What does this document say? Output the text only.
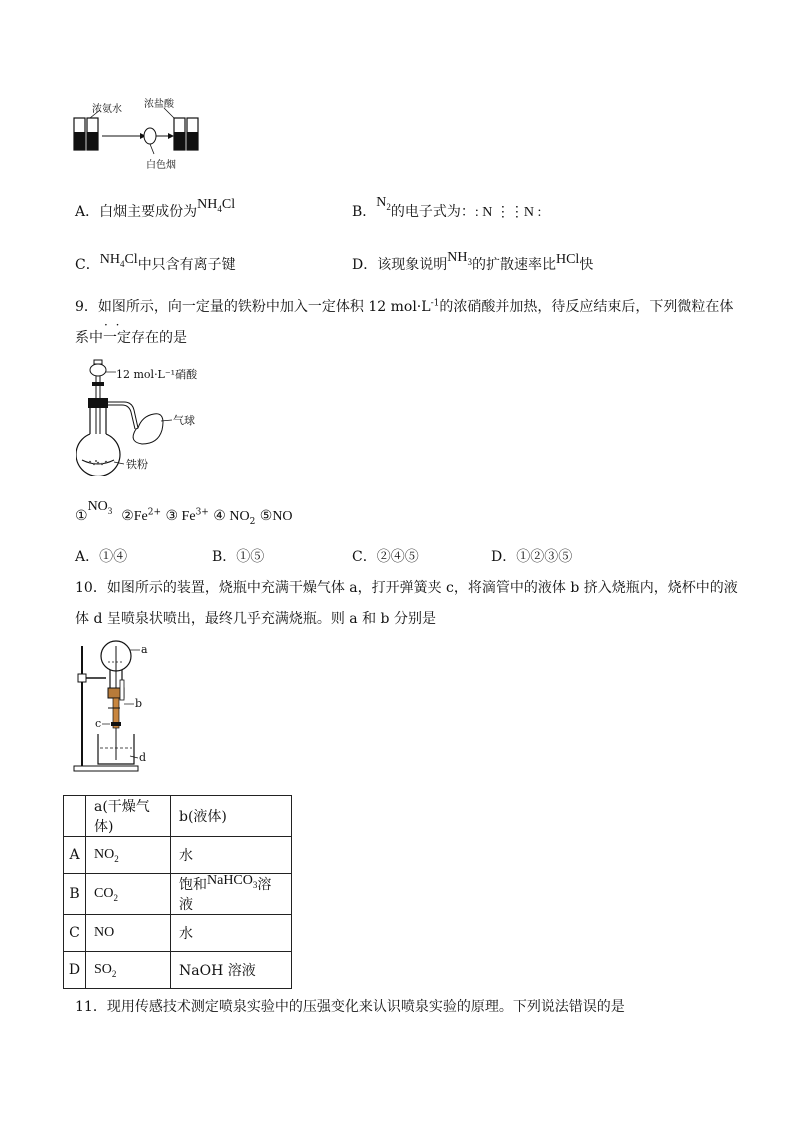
浓氨水 浓盐酸
白色烟
A．白烟主要成份为$NH_4Cl$	B．$N_2$的电子式为：: N ⋮⋮N :
C．$NH_4Cl$中只含有离子键	D．该现象说明$NH_3$的扩散速率比HCl快
9．如图所示，向一定量的铁粉中加入一定体积 12 $mol\cdot L^{-1}$的浓硝酸并加热，待反应结束后，下列微粒在体
· ·
系中一定存在的是
12 mol·L⁻¹硝酸
气球
铁粉
$①NO_3$ $②Fe^{2+}$ ③ $Fe^{3+}$ ④ $NO_2$ ⑤NO
A．①④	B．①⑤	C．②④⑤	D．①②③⑤
10．如图所示的装置，烧瓶中充满干燥气体 a，打开弹簧夹 c，将滴管中的液体 b 挤入烧瓶内，烧杯中的液
体 d 呈喷泉状喷出，最终几乎充满烧瓶。则 a 和 b 分别是
a
b
c
d
	a(干燥气体)	b(液体)
A	$NO_2$	水
B	$CO_2$	饱和NaHCO$_3$溶液
C	NO	水
D	$SO_2$	NaOH 溶液
11．现用传感技术测定喷泉实验中的压强变化来认识喷泉实验的原理。下列说法错误的是
